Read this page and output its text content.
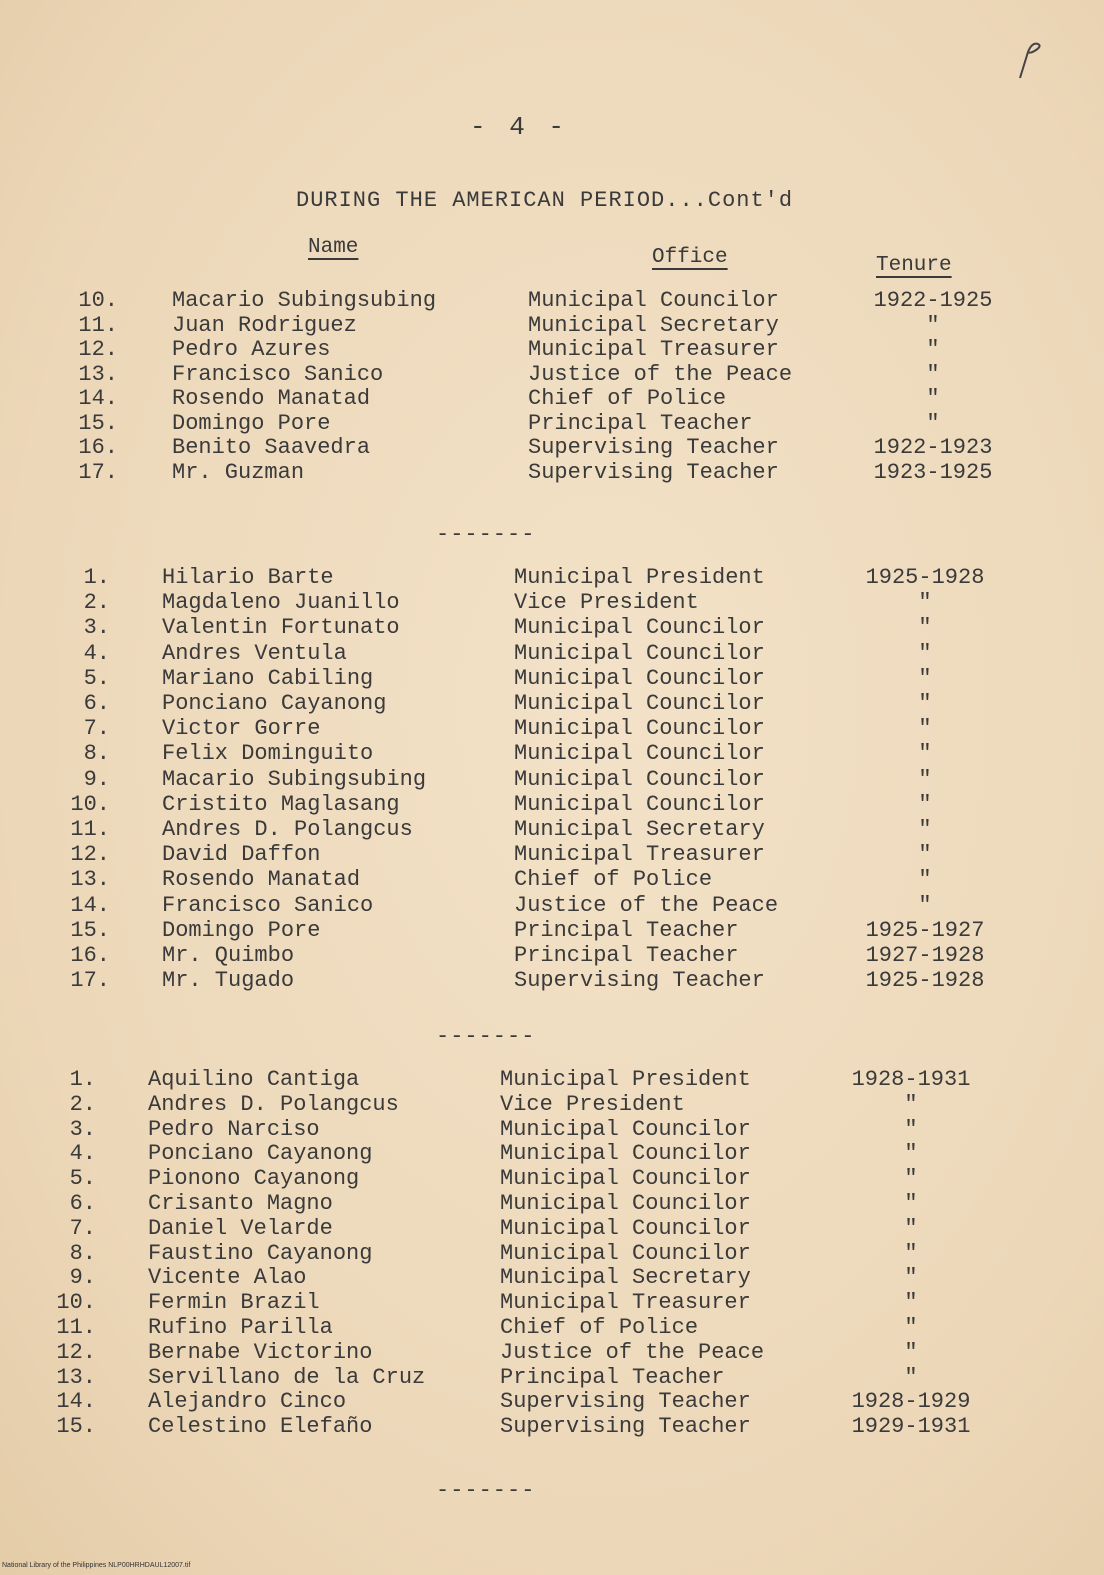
- 4 -
DURING THE AMERICAN PERIOD...Cont'd
Name	Office	Tenure
10. Macario Subingsubing	Municipal Councilor	1922-1925
11. Juan Rodriguez	Municipal Secretary	"
12. Pedro Azures	Municipal Treasurer	"
13. Francisco Sanico	Justice of the Peace	"
14. Rosendo Manatad	Chief of Police	"
15. Domingo Pore	Principal Teacher	"
16. Benito Saavedra	Supervising Teacher	1922-1923
17. Mr. Guzman	Supervising Teacher	1923-1925
-------
1. Hilario Barte	Municipal President	1925-1928
2. Magdaleno Juanillo	Vice President	"
3. Valentin Fortunato	Municipal Councilor	"
4. Andres Ventula	Municipal Councilor	"
5. Mariano Cabiling	Municipal Councilor	"
6. Ponciano Cayanong	Municipal Councilor	"
7. Victor Gorre	Municipal Councilor	"
8. Felix Dominguito	Municipal Councilor	"
9. Macario Subingsubing	Municipal Councilor	"
10. Cristito Maglasang	Municipal Councilor	"
11. Andres D. Polangcus	Municipal Secretary	"
12. David Daffon	Municipal Treasurer	"
13. Rosendo Manatad	Chief of Police	"
14. Francisco Sanico	Justice of the Peace	"
15. Domingo Pore	Principal Teacher	1925-1927
16. Mr. Quimbo	Principal Teacher	1927-1928
17. Mr. Tugado	Supervising Teacher	1925-1928
-------
1. Aquilino Cantiga	Municipal President	1928-1931
2. Andres D. Polangcus	Vice President	"
3. Pedro Narciso	Municipal Councilor	"
4. Ponciano Cayanong	Municipal Councilor	"
5. Pionono Cayanong	Municipal Councilor	"
6. Crisanto Magno	Municipal Councilor	"
7. Daniel Velarde	Municipal Councilor	"
8. Faustino Cayanong	Municipal Councilor	"
9. Vicente Alao	Municipal Secretary	"
10. Fermin Brazil	Municipal Treasurer	"
11. Rufino Parilla	Chief of Police	"
12. Bernabe Victorino	Justice of the Peace	"
13. Servillano de la Cruz	Principal Teacher	"
14. Alejandro Cinco	Supervising Teacher	1928-1929
15. Celestino Elefaño	Supervising Teacher	1929-1931
-------
National Library of the Philippines NLP00HRHDAUL12007.tif
